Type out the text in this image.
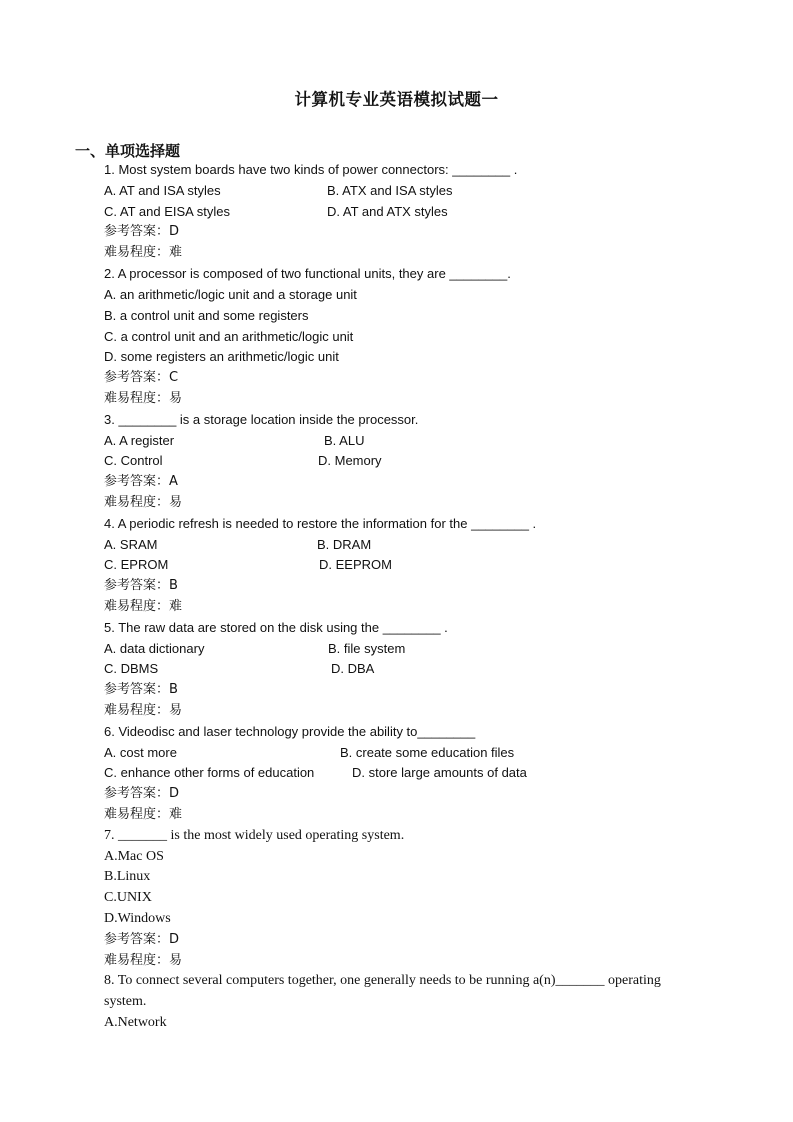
计算机专业英语模拟试题一
一、单项选择题
1. Most system boards have two kinds of power connectors: ________ .
A. AT and ISA styles	B. ATX and ISA styles
C. AT and EISA styles	D. AT and ATX styles
参考答案：D
难易程度：难
2. A processor is composed of two functional units, they are ________.
A. an arithmetic/logic unit and a storage unit
B. a control unit and some registers
C. a control unit and an arithmetic/logic unit
D. some registers an arithmetic/logic unit
参考答案：C
难易程度：易
3. ________ is a storage location inside the processor.
A. A register	B. ALU
C. Control	D. Memory
参考答案：A
难易程度：易
4. A periodic refresh is needed to restore the information for the ________ .
A. SRAM	B. DRAM
C. EPROM	D. EEPROM
参考答案：B
难易程度：难
5. The raw data are stored on the disk using the ________ .
A. data dictionary	B. file system
C. DBMS	D. DBA
参考答案：B
难易程度：易
6. Videodisc and laser technology provide the ability to________
A. cost more	B. create some education files
C. enhance other forms of education	D. store large amounts of data
参考答案：D
难易程度：难
7. _______ is the most widely used operating system.
A.Mac OS
B.Linux
C.UNIX
D.Windows
参考答案：D
难易程度：易
8. To connect several computers together, one generally needs to be running a(n)_______ operating
system.
A.Network
